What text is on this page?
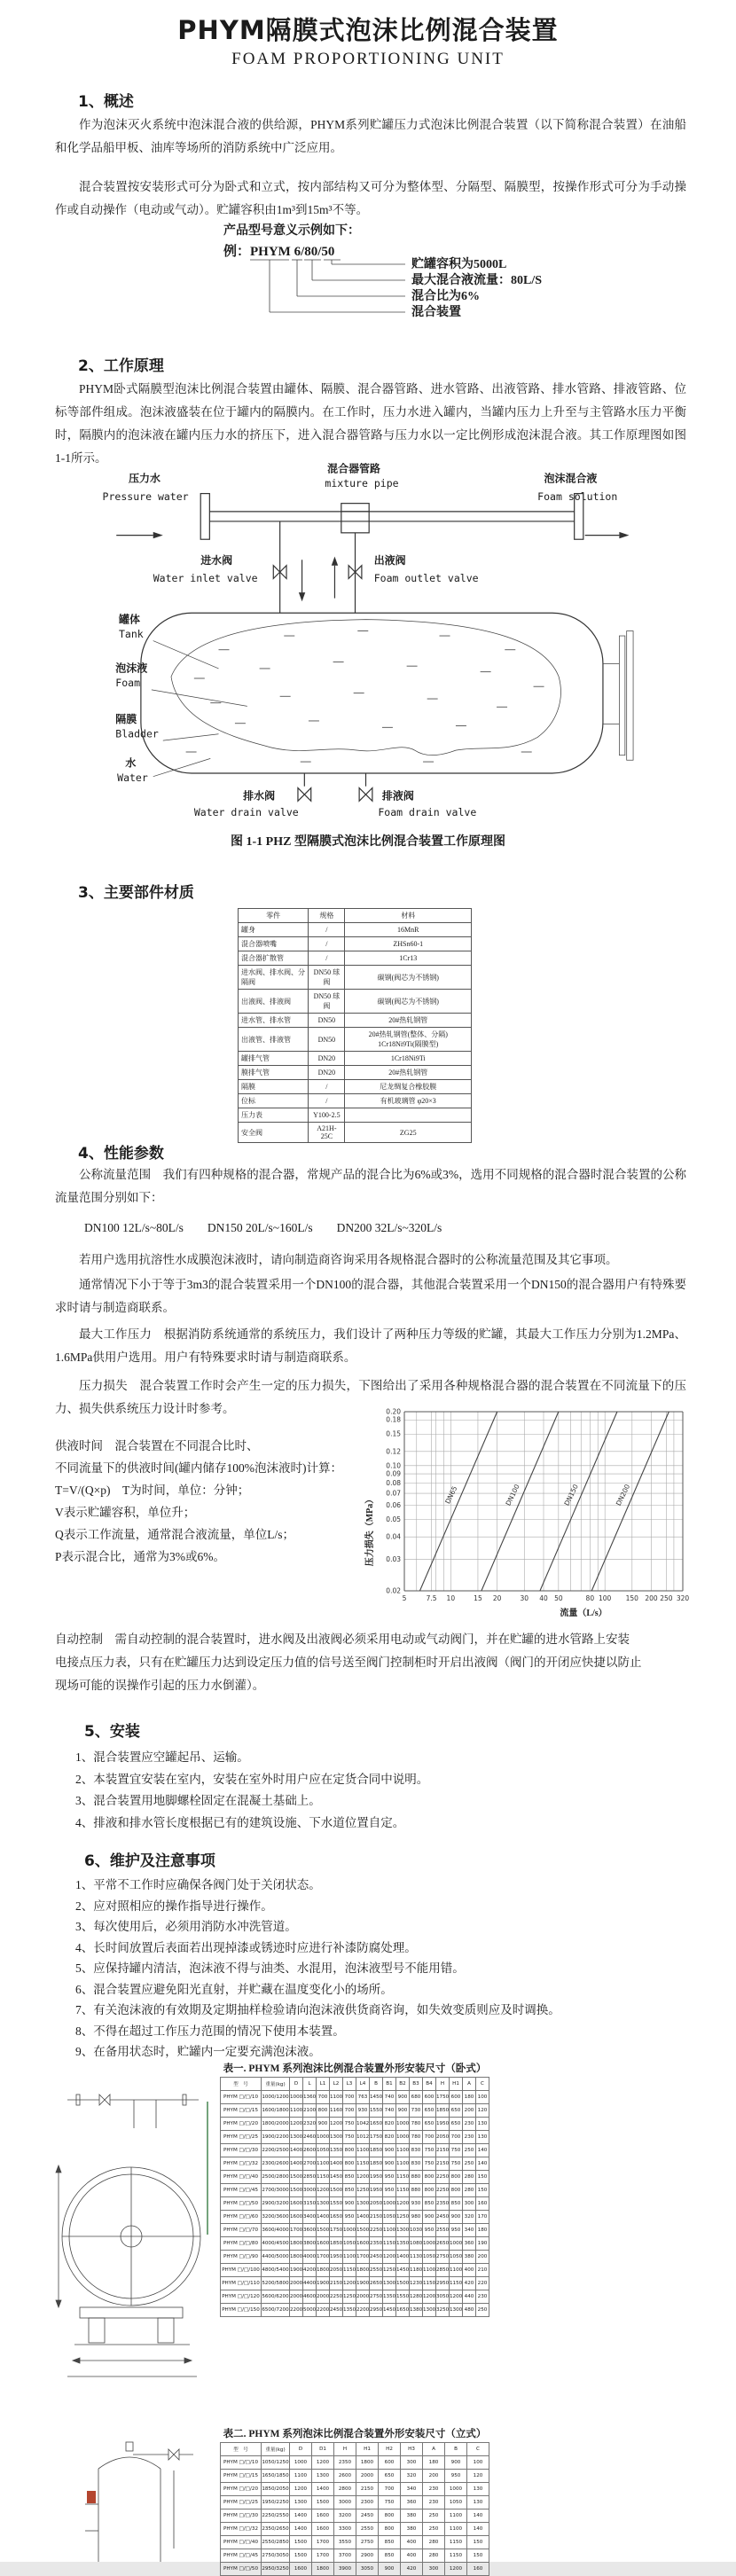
PHYM隔膜式泡沫比例混合装置
FOAM PROPORTIONING UNIT
1、概述
作为泡沫灭火系统中泡沫混合液的供给源，PHYM系列贮罐压力式泡沫比例混合装置（以下简称混合装置）在油船和化学品船甲板、油库等场所的消防系统中广泛应用。
混合装置按安装形式可分为卧式和立式，按内部结构又可分为整体型、分隔型、隔膜型，按操作形式可分为手动操作或自动操作（电动或气动）。贮罐容积由1m³到15m³不等。
产品型号意义示例如下：
例：PHYM 6/80/50
贮罐容积为5000L
最大混合液流量：80L/S
混合比为6%
混合装置
2、工作原理
PHYM卧式隔膜型泡沫比例混合装置由罐体、隔膜、混合器管路、进水管路、出液管路、排水管路、排液管路、位标等部件组成。泡沫液盛装在位于罐内的隔膜内。在工作时，压力水进入罐内，当罐内压力上升至与主管路水压力平衡时，隔膜内的泡沫液在罐内压力水的挤压下，进入混合器管路与压力水以一定比例形成泡沫混合液。其工作原理图如图1-1所示。
压力水
Pressure water
混合器管路
mixture pipe	泡沫混合液
Foam solution
进水阀
Water inlet valve
出液阀
Foam outlet valve
罐体
Tank
泡沫液
Foam
隔膜
Bladder
水
Water
排水阀
Water drain valve
排液阀
Foam drain valve
图 1-1 PHZ 型隔膜式泡沫比例混合装置工作原理图
3、主要部件材质
零件	规格	材料
罐身	/	16MnR
混合器喷嘴	/	ZHSn60-1
混合器扩散管	/	1Cr13
进水阀、排水阀、分隔阀	DN50 球阀	碳钢(阀芯为不锈钢)
出液阀、排液阀	DN50 球阀	碳钢(阀芯为不锈钢)
进水管、排水管	DN50	20#热轧钢管
出液管、排液管	DN50	20#热轧钢管(整体、分隔) 1Cr18Ni9Ti(隔膜型)
罐排气管	DN20	1Cr18Ni9Ti
膜排气管	DN20	20#热轧钢管
隔膜	/	尼龙绸复合橡胶膜
位标	/	有机玻璃管 φ20×3
压力表	Y100-2.5	
安全阀	A21H-25C	ZG25
4、性能参数
公称流量范围　我们有四种规格的混合器，常规产品的混合比为6%或3%，选用不同规格的混合器时混合装置的公称流量范围分别如下：
DN100 12L/s~80L/s　　DN150 20L/s~160L/s　　DN200 32L/s~320L/s
若用户选用抗溶性水成膜泡沫液时，请向制造商咨询采用各规格混合器时的公称流量范围及其它事项。
通常情况下小于等于3m3的混合装置采用一个DN100的混合器，其他混合装置采用一个DN150的混合器用户有特殊要求时请与制造商联系。
最大工作压力　根据消防系统通常的系统压力，我们设计了两种压力等级的贮罐，其最大工作压力分别为1.2MPa、1.6MPa供用户选用。用户有特殊要求时请与制造商联系。
压力损失　混合装置工作时会产生一定的压力损失，下图给出了采用各种规格混合器的混合装置在不同流量下的压力、损失供系统压力设计时参考。

供液时间　混合装置在不同混合比时、

不同流量下的供液时间(罐内储存100%泡沫液时)计算：

T=V/(Q×p)　T为时间，单位：分钟；

V表示贮罐容积，单位升；

Q表示工作流量，通常混合液流量，单位L/s；

P表示混合比，通常为3%或6%。

0.02
0.03
0.04
0.05
0.06
0.07
0.08
0.09
0.10
0.12
0.15
0.18
0.20
5	7.5 10	15 20	30 40 50	80 100 150 200 250 320
DN65	DN100	DN150	DN200
压力损失（MPa）
流量（L/s）

自动控制　需自动控制的混合装置时，进水阀及出液阀必须采用电动或气动阀门，并在贮罐的进水管路上安装

电接点压力表，只有在贮罐压力达到设定压力值的信号送至阀门控制柜时开启出液阀（阀门的开闭应快捷以防止

现场可能的误操作引起的压力水倒灌）。

5、安装

1、混合装置应空罐起吊、运输。

2、本装置宜安装在室内，安装在室外时用户应在定货合同中说明。

3、混合装置用地脚螺栓固定在混凝土基础上。

4、排液和排水管长度根据已有的建筑设施、下水道位置自定。

6、维护及注意事项

1、平常不工作时应确保各阀门处于关闭状态。

2、应对照相应的操作指导进行操作。

3、每次使用后，必须用消防水冲洗管道。

4、长时间放置后表面若出现掉漆或锈迹时应进行补漆防腐处理。

5、应保持罐内清洁，泡沫液不得与油类、水混用，泡沫液型号不能用错。

6、混合装置应避免阳光直射，并贮藏在温度变化小的场所。

7、有关泡沫液的有效期及定期抽样检验请向泡沫液供货商咨询，如失效变质则应及时调换。

8、不得在超过工作压力范围的情况下使用本装置。

9、在备用状态时，贮罐内一定要充满泡沫液。

表一. PHYM 系列泡沫比例混合装置外形安装尺寸（卧式）
型　号	重量(kg)	D	L	L1	L2	L3	L4	B	B1	B2	B3	B4	H	H1	A	C
PHYM □/□/10	1000/1200	1000	1360	700	1100	700	763	1450	740	900	680	600	1750	600	180	100
PHYM □/□/15	1600/1800	1100	2100	800	1160	700	930	1550	740	900	730	650	1850	650	200	120
PHYM □/□/20	1800/2000	1200	2320	900	1200	750	1042	1650	820	1000	780	650	1950	650	230	130
PHYM □/□/25	1900/2200	1300	2460	1000	1300	750	1012	1750	820	1000	780	700	2050	700	230	130
PHYM □/□/30	2200/2500	1400	2600	1050	1350	800	1100	1850	900	1100	830	750	2150	750	250	140
PHYM □/□/32	2300/2600	1400	2700	1100	1400	800	1150	1850	900	1100	830	750	2150	750	250	140
PHYM □/□/40	2500/2800	1500	2850	1150	1450	850	1200	1950	950	1150	880	800	2250	800	280	150
PHYM □/□/45	2700/3000	1500	3000	1200	1500	850	1250	1950	950	1150	880	800	2250	800	280	150
PHYM □/□/50	2900/3200	1600	3150	1300	1550	900	1300	2050	1000	1200	930	850	2350	850	300	160
PHYM □/□/60	3200/3600	1600	3400	1400	1650	950	1400	2150	1050	1250	980	900	2450	900	320	170
PHYM □/□/70	3600/4000	1700	3600	1500	1750	1000	1500	2250	1100	1300	1030	950	2550	950	340	180
PHYM □/□/80	4000/4500	1800	3800	1600	1850	1050	1600	2350	1150	1350	1080	1000	2650	1000	360	190
PHYM □/□/90	4400/5000	1800	4000	1700	1950	1100	1700	2450	1200	1400	1130	1050	2750	1050	380	200
PHYM □/□/100	4800/5400	1900	4200	1800	2050	1150	1800	2550	1250	1450	1180	1100	2850	1100	400	210
PHYM □/□/110	5200/5800	2000	4400	1900	2150	1200	1900	2650	1300	1500	1230	1150	2950	1150	420	220
PHYM □/□/120	5600/6200	2000	4600	2000	2250	1250	2000	2750	1350	1550	1280	1200	3050	1200	440	230
PHYM □/□/150	6500/7200	2200	5000	2200	2450	1350	2200	2950	1450	1650	1380	1300	3250	1300	480	250
表二. PHYM 系列泡沫比例混合装置外形安装尺寸（立式）
型　号	重量(kg)	D	D1	H	H1	H2	H3	A	B	C
PHYM □/□/10	1050/1250	1000	1200	2350	1800	600	300	180	900	100
PHYM □/□/15	1650/1850	1100	1300	2600	2000	650	320	200	950	120
PHYM □/□/20	1850/2050	1200	1400	2800	2150	700	340	230	1000	130
PHYM □/□/25	1950/2250	1300	1500	3000	2300	750	360	230	1050	130
PHYM □/□/30	2250/2550	1400	1600	3200	2450	800	380	250	1100	140
PHYM □/□/32	2350/2650	1400	1600	3300	2550	800	380	250	1100	140
PHYM □/□/40	2550/2850	1500	1700	3550	2750	850	400	280	1150	150
PHYM □/□/45	2750/3050	1500	1700	3700	2900	850	400	280	1150	150
PHYM □/□/50	2950/3250	1600	1800	3900	3050	900	420	300	1200	160
